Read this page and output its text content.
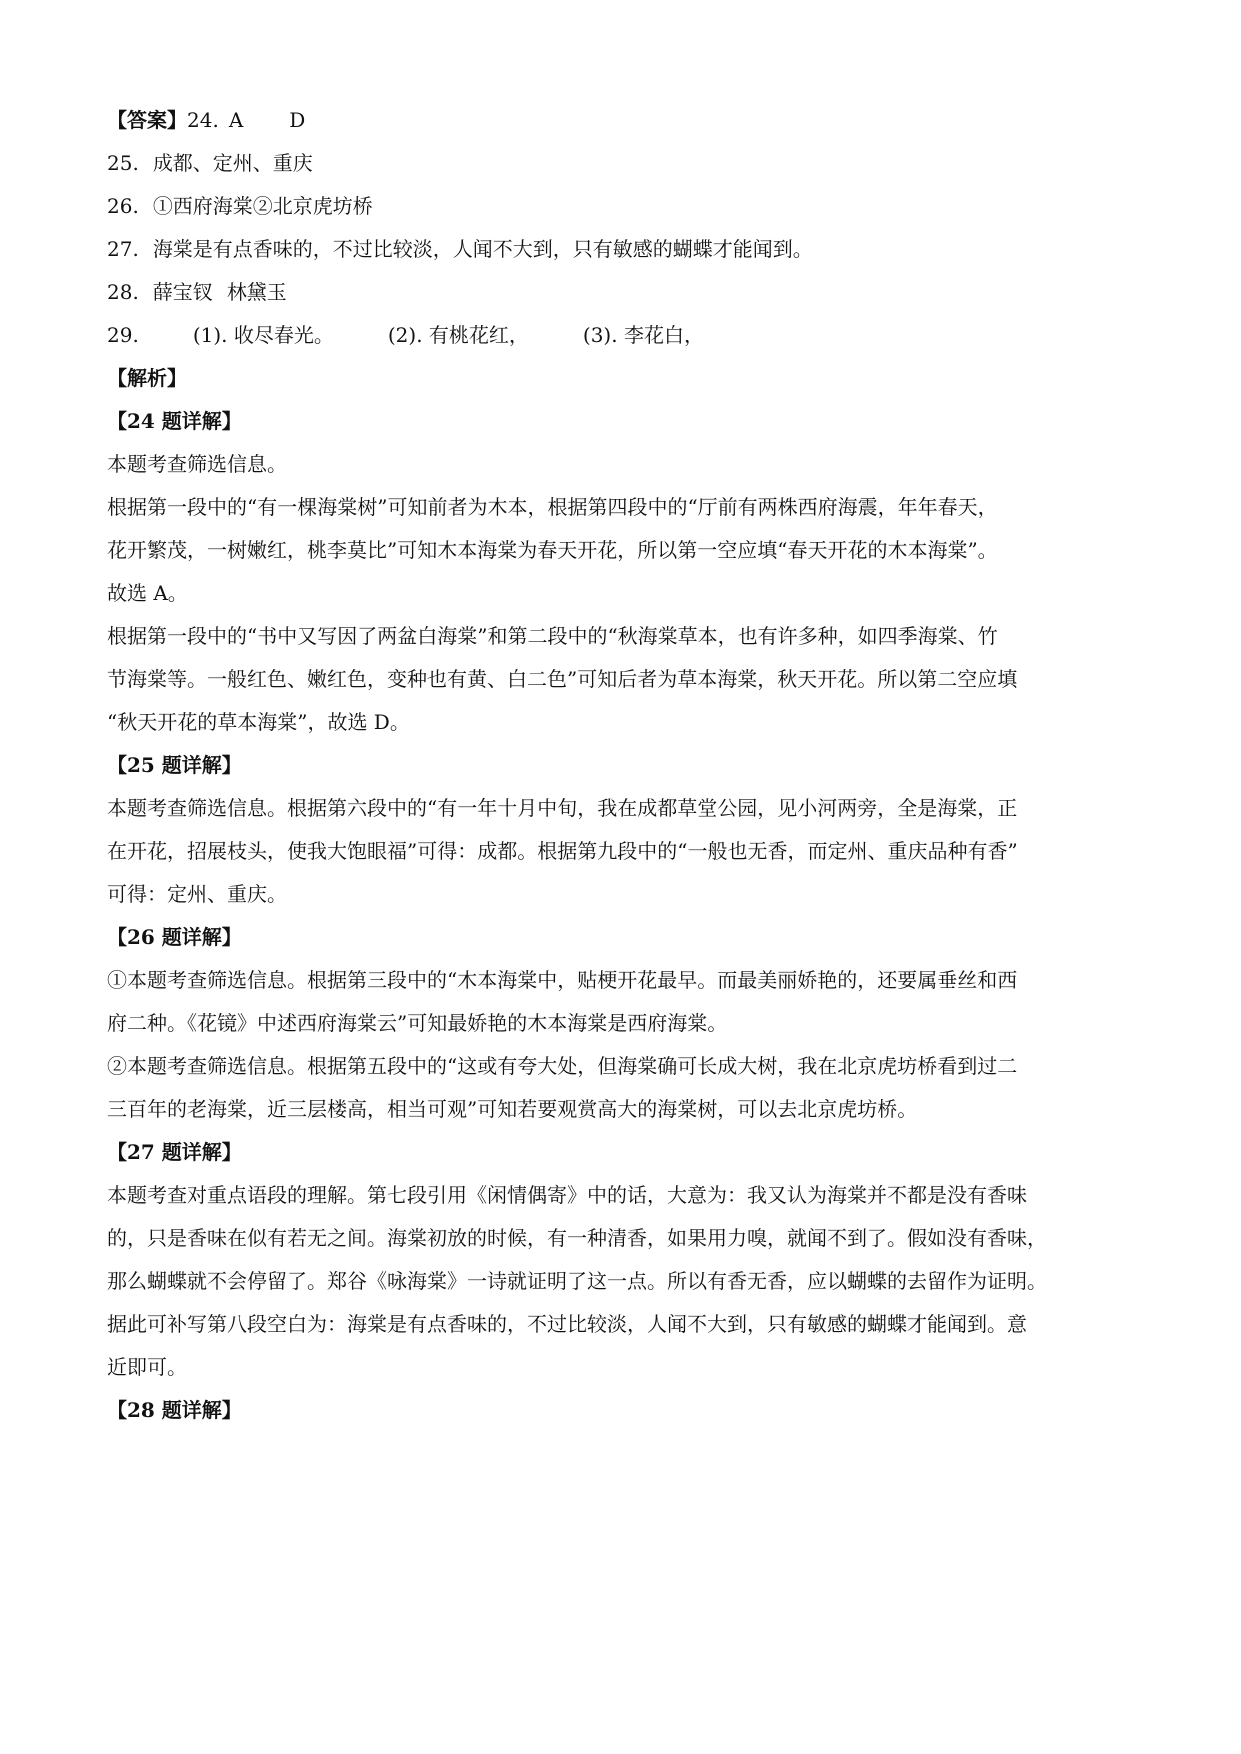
【答案】24. A D
25. 成都、定州、重庆
26. ①西府海棠②北京虎坊桥
27. 海棠是有点香味的，不过比较淡，人闻不大到，只有敏感的蝴蝶才能闻到。
28. 薛宝钗 林黛玉
29.	(1). 收尽春光。	(2). 有桃花红，	(3). 李花白，
【解析】
【24 题详解】
本题考查筛选信息。
根据第一段中的“有一棵海棠树”可知前者为木本，根据第四段中的“厅前有两株西府海震，年年春天，
花开繁茂，一树嫩红，桃李莫比”可知木本海棠为春天开花，所以第一空应填“春天开花的木本海棠”。
故选 A。
根据第一段中的“书中又写因了两盆白海棠”和第二段中的“秋海棠草本，也有许多种，如四季海棠、竹
节海棠等。一般红色、嫩红色，变种也有黄、白二色”可知后者为草本海棠，秋天开花。所以第二空应填
“秋天开花的草本海棠”，故选 D。
【25 题详解】
本题考查筛选信息。根据第六段中的“有一年十月中旬，我在成都草堂公园，见小河两旁，全是海棠，正
在开花，招展枝头，使我大饱眼福”可得：成都。根据第九段中的“一般也无香，而定州、重庆品种有香”
可得：定州、重庆。
【26 题详解】
①本题考查筛选信息。根据第三段中的“木本海棠中，贴梗开花最早。而最美丽娇艳的，还要属垂丝和西
府二种。《花镜》中述西府海棠云”可知最娇艳的木本海棠是西府海棠。
②本题考查筛选信息。根据第五段中的“这或有夸大处，但海棠确可长成大树，我在北京虎坊桥看到过二
三百年的老海棠，近三层楼高，相当可观”可知若要观赏高大的海棠树，可以去北京虎坊桥。
【27 题详解】
本题考查对重点语段的理解。第七段引用《闲情偶寄》中的话，大意为：我又认为海棠并不都是没有香味
的，只是香味在似有若无之间。海棠初放的时候，有一种清香，如果用力嗅，就闻不到了。假如没有香味，
那么蝴蝶就不会停留了。郑谷《咏海棠》一诗就证明了这一点。所以有香无香，应以蝴蝶的去留作为证明。
据此可补写第八段空白为：海棠是有点香味的，不过比较淡，人闻不大到，只有敏感的蝴蝶才能闻到。意
近即可。
【28 题详解】
